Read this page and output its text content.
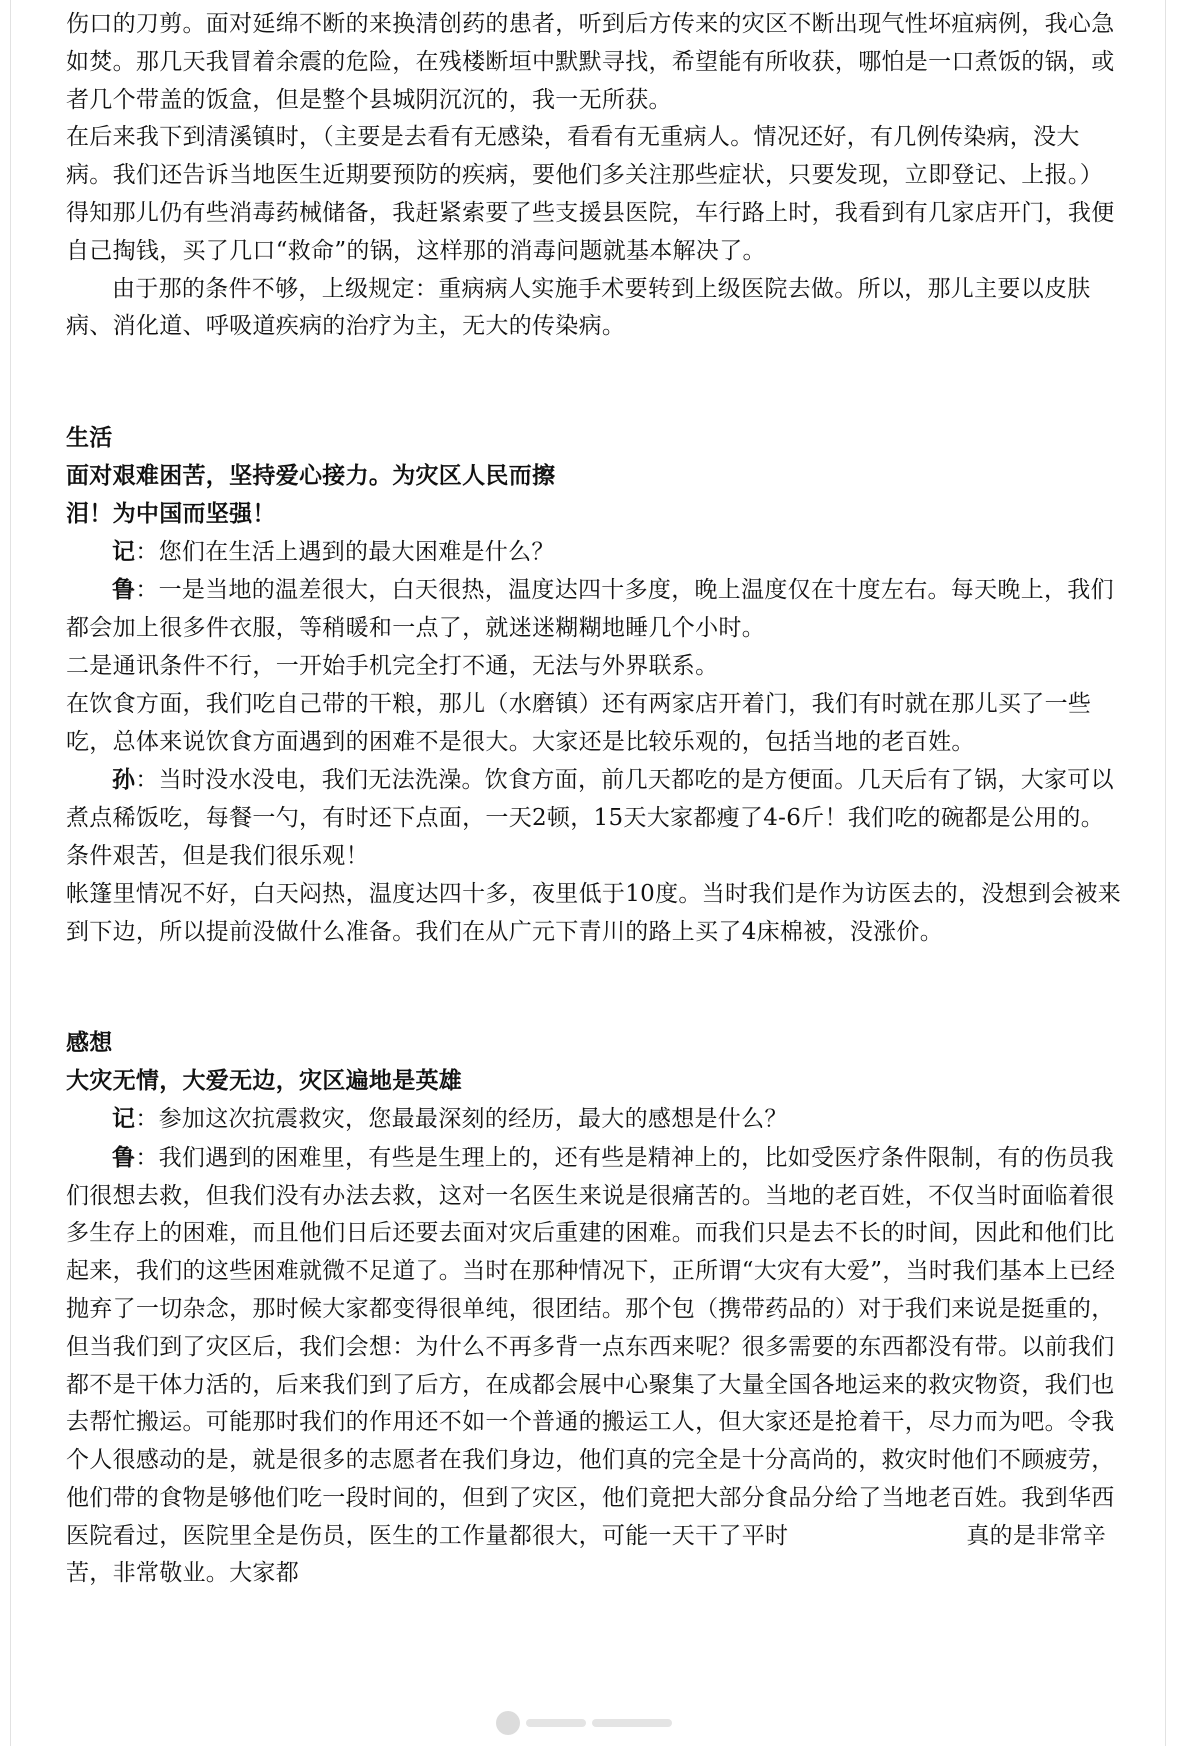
伤口的刀剪。面对延绵不断的来换清创药的患者，听到后方传来的灾区不断出现气性坏疽病例，我心急如焚。那几天我冒着余震的危险，在残楼断垣中默默寻找，希望能有所收获，哪怕是一口煮饭的锅，或者几个带盖的饭盒，但是整个县城阴沉沉的，我一无所获。

在后来我下到清溪镇时，（主要是去看有无感染，看看有无重病人。情况还好，有几例传染病，没大病。我们还告诉当地医生近期要预防的疾病，要他们多关注那些症状，只要发现，立即登记、上报。）得知那儿仍有些消毒药械储备，我赶紧索要了些支援县医院，车行路上时，我看到有几家店开门，我便自己掏钱，买了几口“救命”的锅，这样那的消毒问题就基本解决了。

由于那的条件不够，上级规定：重病病人实施手术要转到上级医院去做。所以，那儿主要以皮肤病、消化道、呼吸道疾病的治疗为主，无大的传染病。

生活

面对艰难困苦，坚持爱心接力。为灾区人民而擦泪！为中国而坚强！

记：您们在生活上遇到的最大困难是什么？

鲁：一是当地的温差很大，白天很热，温度达四十多度，晚上温度仅在十度左右。每天晚上，我们都会加上很多件衣服，等稍暖和一点了，就迷迷糊糊地睡几个小时。

二是通讯条件不行，一开始手机完全打不通，无法与外界联系。

在饮食方面，我们吃自己带的干粮，那儿（水磨镇）还有两家店开着门，我们有时就在那儿买了一些吃，总体来说饮食方面遇到的困难不是很大。大家还是比较乐观的，包括当地的老百姓。

孙：当时没水没电，我们无法洗澡。饮食方面，前几天都吃的是方便面。几天后有了锅，大家可以煮点稀饭吃，每餐一勺，有时还下点面，一天2顿，15天大家都瘦了4-6斤！我们吃的碗都是公用的。条件艰苦，但是我们很乐观！

帐篷里情况不好，白天闷热，温度达四十多，夜里低于10度。当时我们是作为访医去的，没想到会被来到下边，所以提前没做什么准备。我们在从广元下青川的路上买了4床棉被，没涨价。

感想

大灾无情，大爱无边，灾区遍地是英雄

记：参加这次抗震救灾，您最最深刻的经历，最大的感想是什么？

鲁：我们遇到的困难里，有些是生理上的，还有些是精神上的，比如受医疗条件限制，有的伤员我们很想去救，但我们没有办法去救，这对一名医生来说是很痛苦的。当地的老百姓，不仅当时面临着很多生存上的困难，而且他们日后还要去面对灾后重建的困难。而我们只是去不长的时间，因此和他们比起来，我们的这些困难就微不足道了。当时在那种情况下，正所谓“大灾有大爱”，当时我们基本上已经抛弃了一切杂念，那时候大家都变得很单纯，很团结。那个包（携带药品的）对于我们来说是挺重的，但当我们到了灾区后，我们会想：为什么不再多背一点东西来呢？很多需要的东西都没有带。以前我们都不是干体力活的，后来我们到了后方，在成都会展中心聚集了大量全国各地运来的救灾物资，我们也去帮忙搬运。可能那时我们的作用还不如一个普通的搬运工人，但大家还是抢着干，尽力而为吧。令我个人很感动的是，就是很多的志愿者在我们身边，他们真的完全是十分高尚的，救灾时他们不顾疲劳，他们带的食物是够他们吃一段时间的，但到了灾区，他们竟把大部分食品分给了当地老百姓。我到华西医院看过，医院里全是伤员，医生的工作量都很大，可能一天干了平时	真的是非常辛苦，非常敬业。大家都
